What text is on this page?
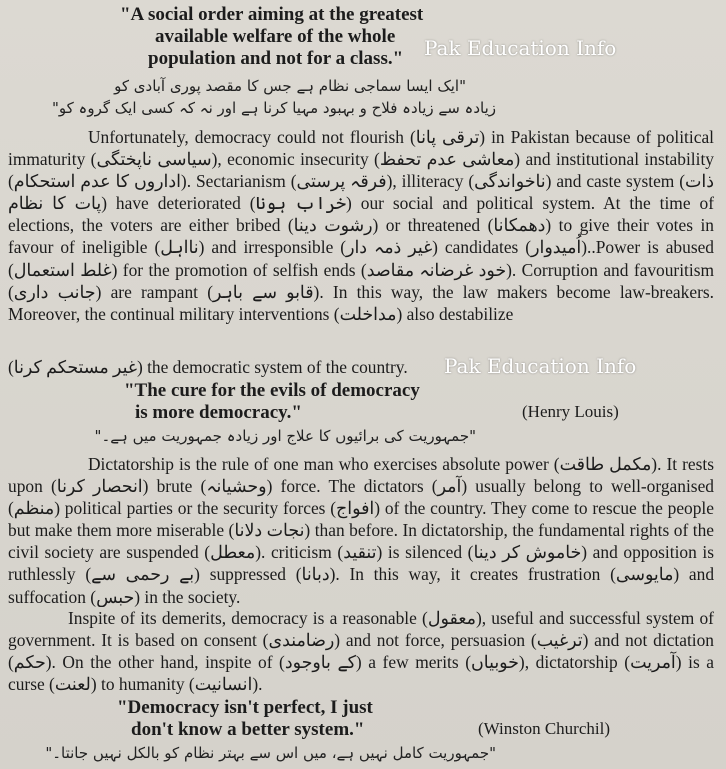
"A social order aiming at the greatest
available welfare of the whole
population and not for a class." Pak Education Info
"ایک ایسا سماجی نظام ہے جس کا مقصد پوری آبادی کو
زیادہ سے زیادہ فلاح و بہبود مہیا کرنا ہے اور نہ کہ کسی ایک گروہ کو"
Unfortunately, democracy could not flourish (ترقی پانا) in Pakistan because of political immaturity (سیاسی ناپختگی), economic insecurity (معاشی عدم تحفظ) and institutional instability (اداروں کا عدم استحکام). Sectarianism (فرقہ پرستی), illiteracy (ناخواندگی) and caste system (ذات پات کا نظام) have deteriorated (خراب ہونا) our social and political system. At the time of elections, the voters are either bribed (رشوت دینا) or threatened (دھمکانا) to give their votes in favour of ineligible (نااہل) and irresponsible (غیر ذمہ دار) candidates (اُمیدوار)..Power is abused (غلط استعمال) for the promotion of selfish ends (خود غرضانہ مقاصد). Corruption and favouritism (جانب داری) are rampant (قابو سے باہر). In this way, the law makers become law-breakers. Moreover, the continual military interventions (مداخلت) also destabilize
(غیر مستحکم کرنا) the democratic system of the country.	Pak Education Info
"The cure for the evils of democracy
is more democracy."	(Henry Louis)
"جمہوریت کی برائیوں کا علاج اور زیادہ جمہوریت میں ہے۔"
Dictatorship is the rule of one man who exercises absolute power (مکمل طاقت). It rests upon (انحصار کرنا) brute (وحشیانہ) force. The dictators (آمر) usually belong to well-organised (منظم) political parties or the security forces (افواج) of the country. They come to rescue the people but make them more miserable (نجات دلانا) than before. In dictatorship, the fundamental rights of the civil society are suspended (معطل). criticism (تنقید) is silenced (خاموش کر دینا) and opposition is ruthlessly (بے رحمی سے) suppressed (دبانا). In this way, it creates frustration (مایوسی) and suffocation (حبس) in the society.
Inspite of its demerits, democracy is a reasonable (معقول), useful and successful system of government. It is based on consent (رضامندی) and not force, persuasion (ترغیب) and not dictation (حکم). On the other hand, inspite of (کے باوجود) a few merits (خوبیاں), dictatorship (آمریت) is a curse (لعنت) to humanity (انسانیت).
"Democracy isn't perfect, I just
don't know a better system."	(Winston Churchil)
"جمہوریت کامل نہیں ہے، میں اس سے بہتر نظام کو بالکل نہیں جانتا۔"
